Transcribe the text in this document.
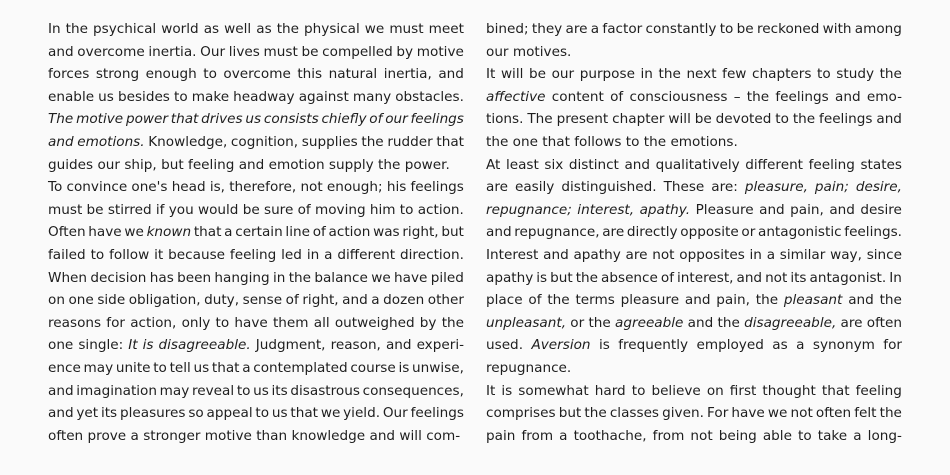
In the psychical world as well as the physical we must meet
and overcome inertia. Our lives must be compelled by motive
forces strong enough to overcome this natural inertia, and
enable us besides to make headway against many obstacles.
The motive power that drives us consists chiefly of our feelings
and emotions. Knowledge, cognition, supplies the rudder that
guides our ship, but feeling and emotion supply the power.
To convince one's head is, therefore, not enough; his feelings
must be stirred if you would be sure of moving him to action.
Often have we known that a certain line of action was right, but
failed to follow it because feeling led in a different direction.
When decision has been hanging in the balance we have piled
on one side obligation, duty, sense of right, and a dozen other
reasons for action, only to have them all outweighed by the
one single: It is disagreeable. Judgment, reason, and experi-
ence may unite to tell us that a contemplated course is unwise,
and imagination may reveal to us its disastrous consequences,
and yet its pleasures so appeal to us that we yield. Our feelings
often prove a stronger motive than knowledge and will com-
bined; they are a factor constantly to be reckoned with among
our motives.
It will be our purpose in the next few chapters to study the
affective content of consciousness – the feelings and emo-
tions. The present chapter will be devoted to the feelings and
the one that follows to the emotions.
At least six distinct and qualitatively different feeling states
are easily distinguished. These are: pleasure, pain; desire,
repugnance; interest, apathy. Pleasure and pain, and desire
and repugnance, are directly opposite or antagonistic feelings.
Interest and apathy are not opposites in a similar way, since
apathy is but the absence of interest, and not its antagonist. In
place of the terms pleasure and pain, the pleasant and the
unpleasant, or the agreeable and the disagreeable, are often
used. Aversion is frequently employed as a synonym for
repugnance.
It is somewhat hard to believe on first thought that feeling
comprises but the classes given. For have we not often felt the
pain from a toothache, from not being able to take a long-
